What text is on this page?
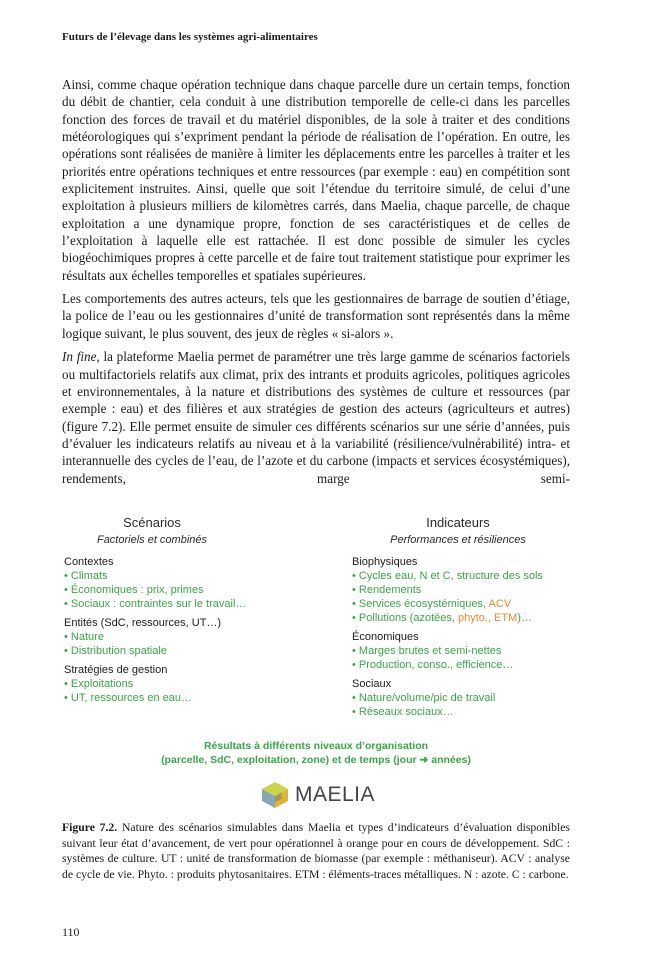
Futurs de l’élevage dans les systèmes agri-alimentaires

Ainsi, comme chaque opération technique dans chaque parcelle dure un certain temps, fonction du débit de chantier, cela conduit à une distribution temporelle de celle-ci dans les parcelles fonction des forces de travail et du matériel disponibles, de la sole à traiter et des conditions météorologiques qui s’expriment pendant la période de réalisation de l’opération. En outre, les opérations sont réalisées de manière à limiter les déplacements entre les parcelles à traiter et les priorités entre opérations techniques et entre ressources (par exemple : eau) en compétition sont explicitement instruites. Ainsi, quelle que soit l’étendue du territoire simulé, de celui d’une exploitation à plusieurs milliers de kilomètres carrés, dans Maelia, chaque parcelle, de chaque exploitation a une dynamique propre, fonction de ses caractéristiques et de celles de l’exploitation à laquelle elle est rattachée. Il est donc possible de simuler les cycles biogéochimiques propres à cette parcelle et de faire tout traitement statistique pour exprimer les résultats aux échelles temporelles et spatiales supérieures.

Les comportements des autres acteurs, tels que les gestionnaires de barrage de soutien d’étiage, la police de l’eau ou les gestionnaires d’unité de transformation sont représentés dans la même logique suivant, le plus souvent, des jeux de règles « si-alors ».

In fine, la plateforme Maelia permet de paramétrer une très large gamme de scénarios factoriels ou multifactoriels relatifs aux climat, prix des intrants et produits agricoles, politiques agricoles et environnementales, à la nature et distributions des systèmes de culture et ressources (par exemple : eau) et des filières et aux stratégies de gestion des acteurs (agriculteurs et autres) (figure 7.2). Elle permet ensuite de simuler ces différents scénarios sur une série d’années, puis d’évaluer les indicateurs relatifs au niveau et à la variabilité (résilience/vulnérabilité) intra- et interannuelle des cycles de l’eau, de l’azote et du carbone (impacts et services écosystémiques), rendements, marge semi-

Scénarios
Factoriels et combinés
Contextes
• Climats
• Économiques : prix, primes
• Sociaux : contraintes sur le travail…
Entités (SdC, ressources, UT…)
• Nature
• Distribution spatiale
Stratégies de gestion
• Exploitations
• UT, ressources en eau…
Indicateurs
Performances et résiliences
Biophysiques
• Cycles eau, N et C, structure des sols
• Rendements
• Services écosystémiques, ACV
• Pollutions (azotées, phyto., ETM)…
Économiques
• Marges brutes et semi-nettes
• Production, conso., efficience…
Sociaux
• Nature/volume/pic de travail
• Réseaux sociaux…
Résultats à différents niveaux d’organisation
(parcelle, SdC, exploitation, zone) et de temps (jour ➜ années)
MAELIA
Figure 7.2. Nature des scénarios simulables dans Maelia et types d’indicateurs d’évaluation disponibles suivant leur état d’avancement, de vert pour opérationnel à orange pour en cours de développement. SdC : systèmes de culture. UT : unité de transformation de biomasse (par exemple : méthaniseur). ACV : analyse de cycle de vie. Phyto. : produits phytosanitaires. ETM : éléments-traces métalliques. N : azote. C : carbone.
110
